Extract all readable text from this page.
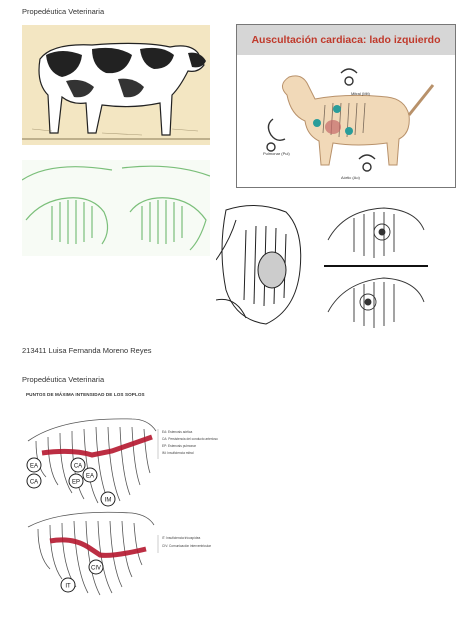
Propedéutica Veterinaria
Auscultación cardiaca: lado izquierdo
Mitral (Mit)
Pulmonar (Pul)
Aórtic (Ao)
213411 Luisa Fernanda Moreno Reyes
Propedéutica Veterinaria
PUNTOS DE MÁXIMA INTENSIDAD DE LOS SOPLOS
EA
CA
CA
EP
EA
IM
EA: Estenosis aórtica
CA: Persistencia del conducto arterioso
EP: Estenosis pulmonar
IM: Insuficiencia mitral
CIV
IT
IT: Insuficiencia tricuspídea
CIV: Comunicación interventricular
